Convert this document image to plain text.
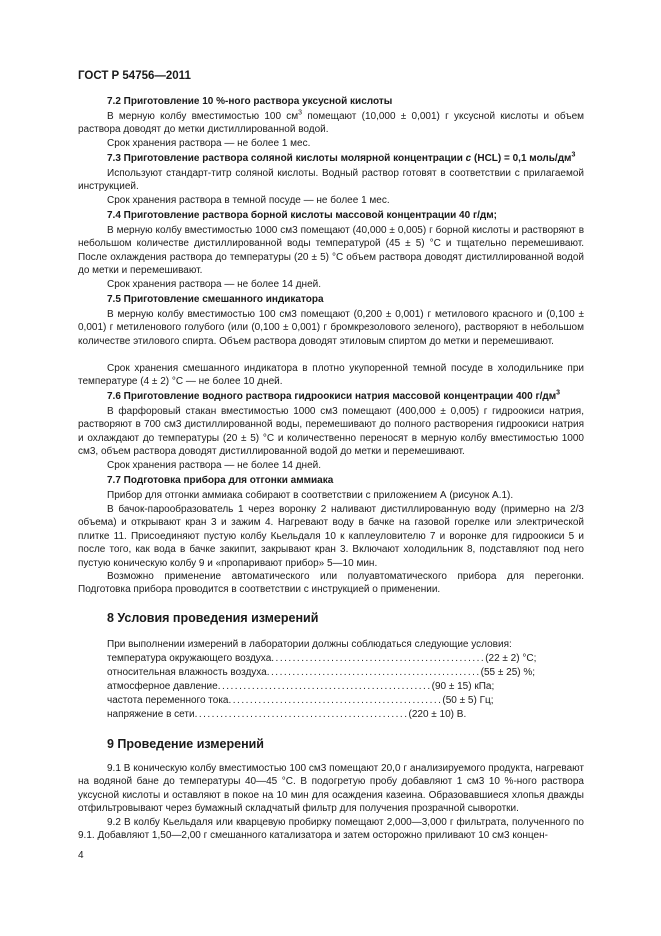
ГОСТ Р 54756—2011
7.2 Приготовление 10 %-ного раствора уксусной кислоты
В мерную колбу вместимостью 100 $см^3$ помещают (10,000 ± 0,001) г уксусной кислоты и объем раствора доводят до метки дистиллированной водой.
Срок хранения раствора — не более 1 мес.
7.3 Приготовление раствора соляной кислоты молярной концентрации с (HCL) = 0,1 моль/$дм^3$
Используют стандарт-титр соляной кислоты. Водный раствор готовят в соответствии с прилагаемой инструкцией.
Срок хранения раствора в темной посуде — не более 1 мес.
7.4 Приготовление раствора борной кислоты массовой концентрации 40 г/дм;
В мерную колбу вместимостью 1000 см3 помещают (40,000 ± 0,005) г борной кислоты и растворяют в небольшом количестве дистиллированной воды температурой (45 ± 5) °С и тщательно перемешивают. После охлаждения раствора до температуры (20 ± 5) °С объем раствора доводят дистиллированной водой до метки и перемешивают.
Срок хранения раствора — не более 14 дней.
7.5 Приготовление смешанного индикатора
В мерную колбу вместимостью 100 см3 помещают (0,200 ± 0,001) г метилового красного и (0,100 ± 0,001) г метиленового голубого (или (0,100 ± 0,001) г бромкрезолового зеленого), растворяют в небольшом количестве этилового спирта. Объем раствора доводят этиловым спиртом до метки и перемешивают.
Срок хранения смешанного индикатора в плотно укупоренной темной посуде в холодильнике при температуре (4 ± 2) °С — не более 10 дней.
7.6 Приготовление водного раствора гидроокиси натрия массовой концентрации 400 $г/дм^3$
В фарфоровый стакан вместимостью 1000 см3 помещают (400,000 ± 0,005) г гидроокиси натрия, растворяют в 700 см3 дистиллированной воды, перемешивают до полного растворения гидроокиси натрия и охлаждают до температуры (20 ± 5) °С и количественно переносят в мерную колбу вместимостью 1000 см3, объем раствора доводят дистиллированной водой до метки и перемешивают.
Срок хранения раствора — не более 14 дней.
7.7 Подготовка прибора для отгонки аммиака
Прибор для отгонки аммиака собирают в соответствии с приложением А (рисунок А.1).
В бачок-парообразователь 1 через воронку 2 наливают дистиллированную воду (примерно на 2/3 объема) и открывают кран 3 и зажим 4. Нагревают воду в бачке на газовой горелке или электрической плитке 11. Присоединяют пустую колбу Кьельдаля 10 к каплеуловителю 7 и воронке для гидроокиси 5 и после того, как вода в бачке закипит, закрывают кран 3. Включают холодильник 8, подставляют под него пустую коническую колбу 9 и «пропаривают прибор» 5—10 мин.
Возможно применение автоматического или полуавтоматического прибора для перегонки. Подготовка прибора проводится в соответствии с инструкцией о применении.
8 Условия проведения измерений
При выполнении измерений в лаборатории должны соблюдаться следующие условия:
температура окружающего воздуха .................................................. (22 ± 2) °С;
относительная влажность воздуха .................................................. (55 ± 25) %;
атмосферное давление .................................................. (90 ± 15) кПа;
частота переменного тока .................................................. (50 ± 5) Гц;
напряжение в сети .................................................. (220 ± 10) В.
9 Проведение измерений
9.1 В коническую колбу вместимостью 100 см3 помещают 20,0 г анализируемого продукта, нагревают на водяной бане до температуры 40—45 °С. В подогретую пробу добавляют 1 см3 10 %-ного раствора уксусной кислоты и оставляют в покое на 10 мин для осаждения казеина. Образовавшиеся хлопья дважды отфильтровывают через бумажный складчатый фильтр для получения прозрачной сыворотки.
9.2 В колбу Кьельдаля или кварцевую пробирку помещают 2,000—3,000 г фильтрата, полученного по 9.1. Добавляют 1,50—2,00 г смешанного катализатора и затем осторожно приливают 10 см3 концен-
4
